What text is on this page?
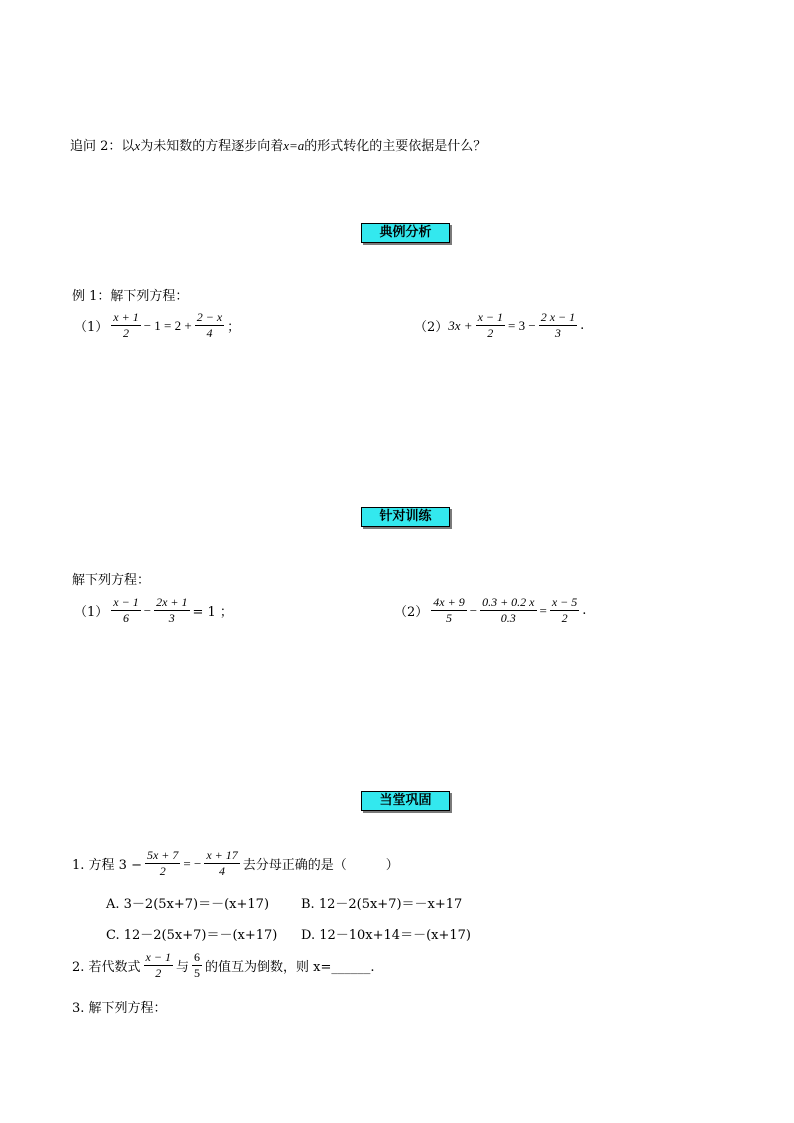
追问 2：以x为未知数的方程逐步向着x=a的形式转化的主要依据是什么？
典例分析
例 1：解下列方程：
$(1) \frac{x + 1}{2} - 1 = 2 + \frac{2 - x}{4}$ ；	（2） $3x + \frac{x - 1}{2} = 3 - \frac{2 x - 1}{3}$ .
针对训练
解下列方程：
$(1) \frac{x - 1}{6} - \frac{2x + 1}{3} = 1$ ；	$(2) \frac{4x + 9}{5} - \frac{0.3 + 0.2 x}{0.3} = \frac{x - 5}{2}$ .
当堂巩固
1. 方程 $3 - \frac{5x + 7}{2}$ = − $\frac{x + 17}{4}$ 去分母正确的是（　　　）
A. 3－2(5x+7)＝－(x+17) B. 12－2(5x+7)＝－x+17
C. 12－2(5x+7)＝－(x+17) D. 12－10x+14＝－(x+17)
2. 若代数式 $\frac{x - 1}{2}$ 与 $\frac{6}{5}$ 的值互为倒数，则 x=______.
3. 解下列方程：
